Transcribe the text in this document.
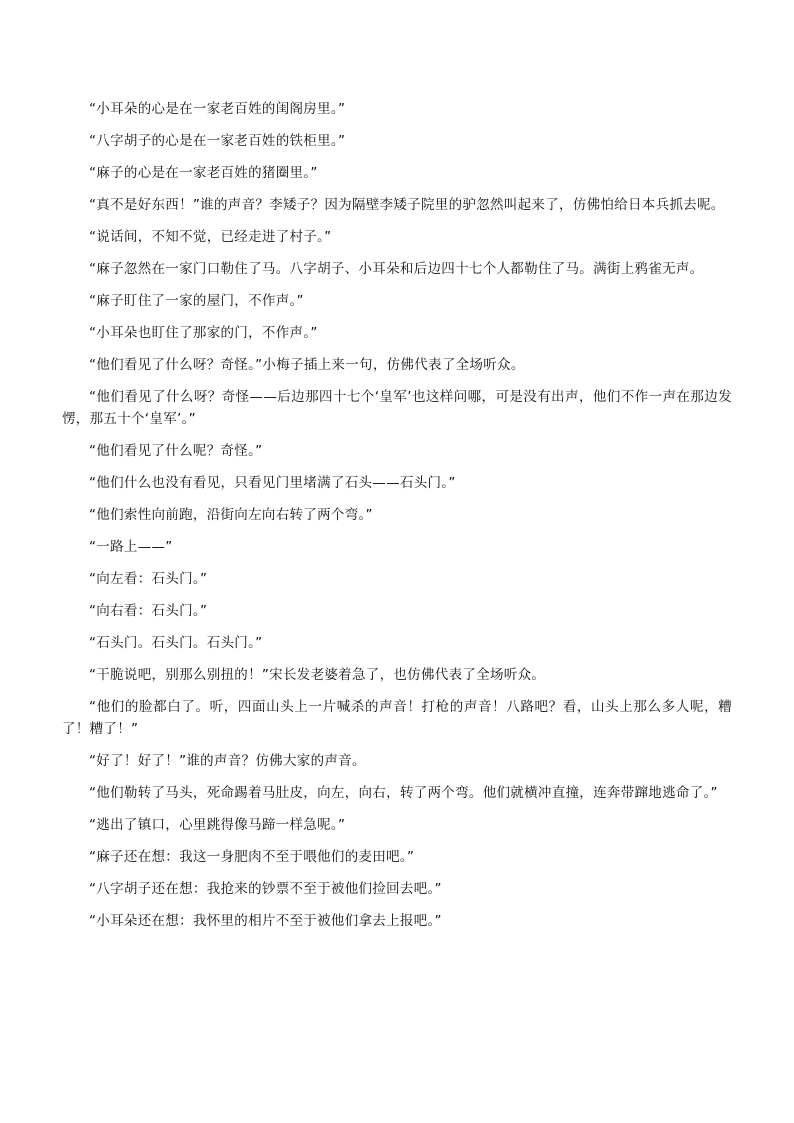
“小耳朵的心是在一家老百姓的闺阁房里。”

“八字胡子的心是在一家老百姓的铁柜里。”

“麻子的心是在一家老百姓的猪圈里。”

“真不是好东西！”谁的声音？李矮子？因为隔壁李矮子院里的驴忽然叫起来了，仿佛怕给日本兵抓去呢。

“说话间，不知不觉，已经走进了村子。”

“麻子忽然在一家门口勒住了马。八字胡子、小耳朵和后边四十七个人都勒住了马。满街上鸦雀无声。

“麻子盯住了一家的屋门，不作声。”

“小耳朵也盯住了那家的门，不作声。”

“他们看见了什么呀？奇怪。”小梅子插上来一句，仿佛代表了全场听众。

“他们看见了什么呀？奇怪——后边那四十七个‘皇军’也这样问哪，可是没有出声，他们不作一声在那边发愣，那五十个‘皇军’。”

“他们看见了什么呢？奇怪。”

“他们什么也没有看见，只看见门里堵满了石头——石头门。”

“他们索性向前跑，沿街向左向右转了两个弯。”

“一路上——”

“向左看：石头门。”

“向右看：石头门。”

“石头门。石头门。石头门。”

“干脆说吧，别那么别扭的！”宋长发老婆着急了，也仿佛代表了全场听众。

“他们的脸都白了。听，四面山头上一片喊杀的声音！打枪的声音！八路吧？看，山头上那么多人呢，糟了！糟了！”

“好了！好了！”谁的声音？仿佛大家的声音。

“他们勒转了马头，死命踢着马肚皮，向左，向右，转了两个弯。他们就横冲直撞，连奔带蹿地逃命了。”

“逃出了镇口，心里跳得像马蹄一样急呢。”

“麻子还在想：我这一身肥肉不至于喂他们的麦田吧。”

“八字胡子还在想：我抢来的钞票不至于被他们捡回去吧。”

“小耳朵还在想：我怀里的相片不至于被他们拿去上报吧。”
